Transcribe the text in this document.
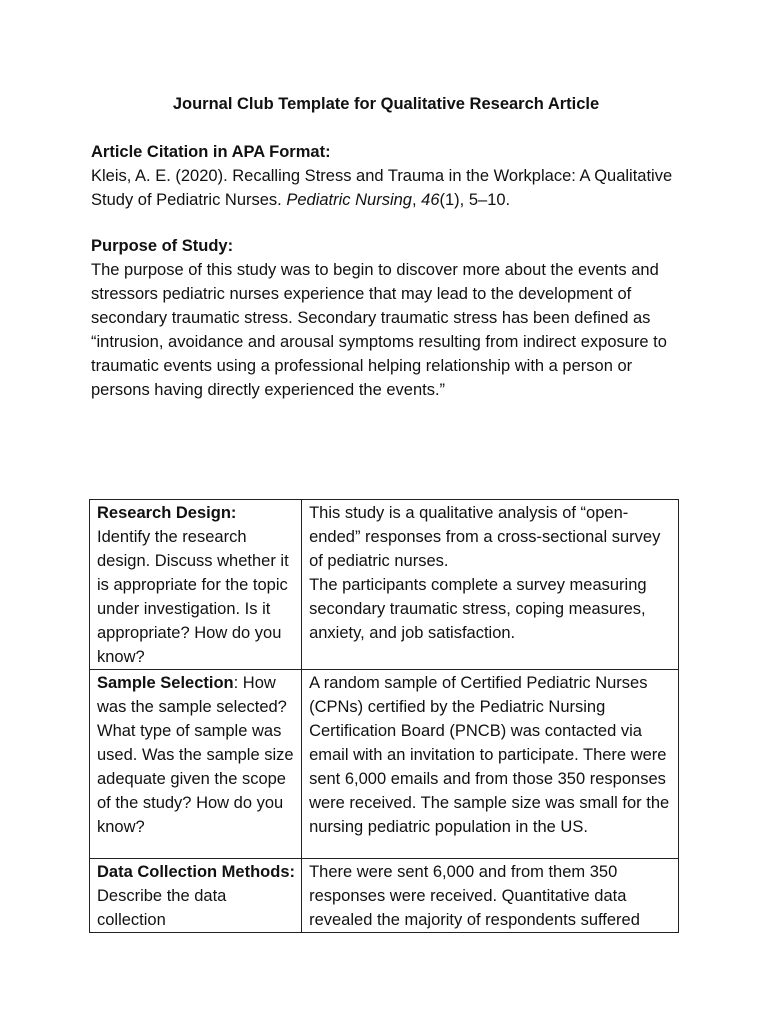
Journal Club Template for Qualitative Research Article

Article Citation in APA Format:

Kleis, A. E. (2020). Recalling Stress and Trauma in the Workplace: A Qualitative Study of Pediatric Nurses. Pediatric Nursing, 46(1), 5–10.

Purpose of Study:

The purpose of this study was to begin to discover more about the events and stressors pediatric nurses experience that may lead to the development of secondary traumatic stress. Secondary traumatic stress has been defined as “intrusion, avoidance and arousal symptoms resulting from indirect exposure to traumatic events using a professional helping relationship with a person or persons having directly experienced the events.”

Research Design:
Identify the research design. Discuss whether it is appropriate for the topic under investigation. Is it appropriate? How do you know?	This study is a qualitative analysis of “open-ended” responses from a cross-sectional survey of pediatric nurses.
The participants complete a survey measuring secondary traumatic stress, coping measures, anxiety, and job satisfaction.
Sample Selection: How was the sample selected? What type of sample was used. Was the sample size adequate given the scope of the study? How do you know?	A random sample of Certified Pediatric Nurses (CPNs) certified by the Pediatric Nursing Certification Board (PNCB) was contacted via email with an invitation to participate. There were sent 6,000 emails and from those 350 responses were received. The sample size was small for the nursing pediatric population in the US.
Data Collection Methods: Describe the data collection	There were sent 6,000 and from them 350 responses were received. Quantitative data revealed the majority of respondents suffered
